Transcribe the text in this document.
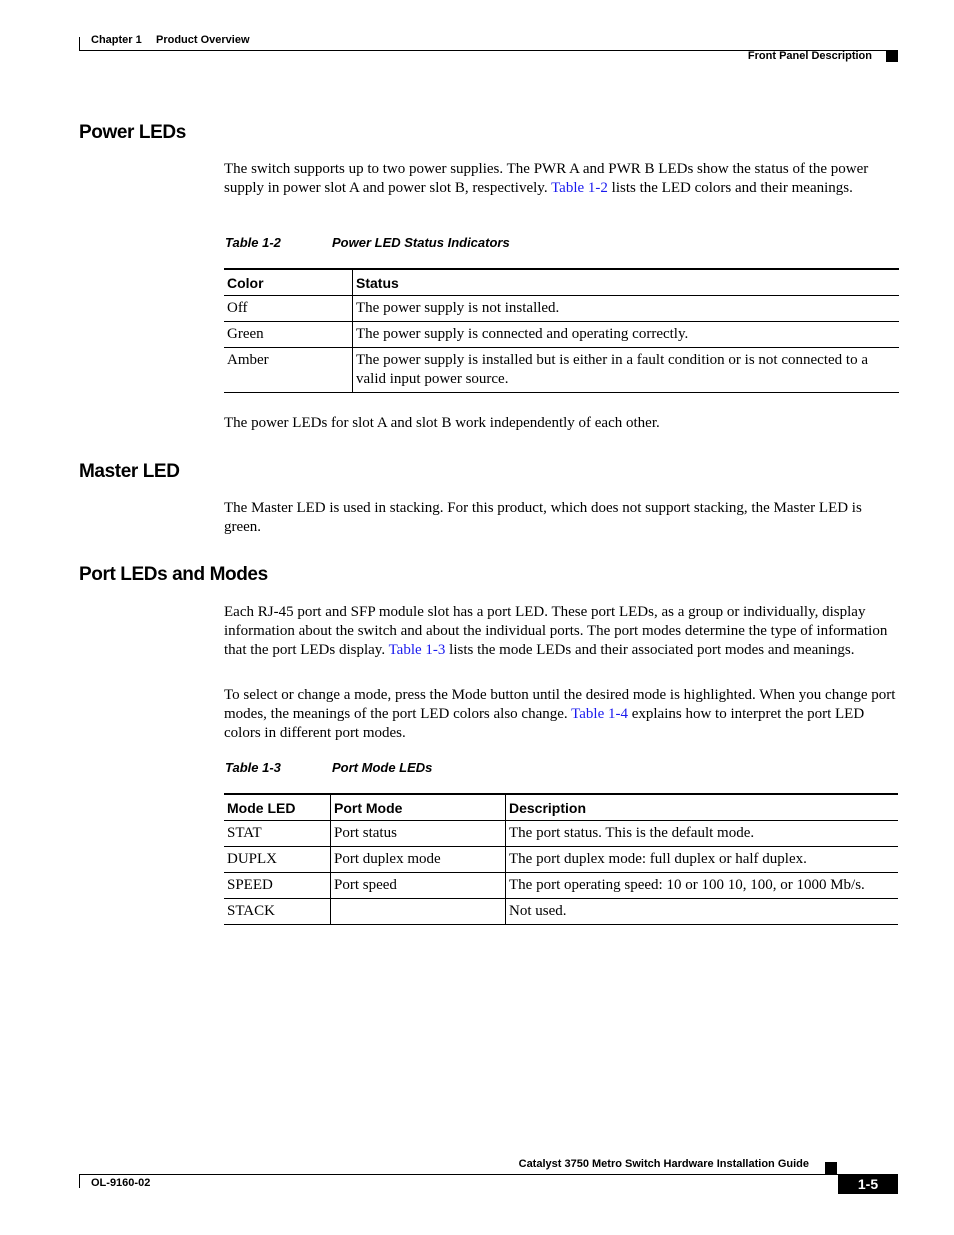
Chapter 1 Product Overview
Front Panel Description
Power LEDs

The switch supports up to two power supplies. The PWR A and PWR B LEDs show the status of the power supply in power slot A and power slot B, respectively. Table 1-2 lists the LED colors and their meanings.

Table 1-2	Power LED Status Indicators
Color	Status
Off	The power supply is not installed.
Green	The power supply is connected and operating correctly.
Amber	The power supply is installed but is either in a fault condition or is not connected to a valid input power source.

The power LEDs for slot A and slot B work independently of each other.

Master LED

The Master LED is used in stacking. For this product, which does not support stacking, the Master LED is green.

Port LEDs and Modes

Each RJ-45 port and SFP module slot has a port LED. These port LEDs, as a group or individually, display information about the switch and about the individual ports. The port modes determine the type of information that the port LEDs display. Table 1-3 lists the mode LEDs and their associated port modes and meanings.

To select or change a mode, press the Mode button until the desired mode is highlighted. When you change port modes, the meanings of the port LED colors also change. Table 1-4 explains how to interpret the port LED colors in different port modes.

Table 1-3	Port Mode LEDs
Mode LED	Port Mode	Description
STAT	Port status	The port status. This is the default mode.
DUPLX	Port duplex mode	The port duplex mode: full duplex or half duplex.
SPEED	Port speed	The port operating speed: 10 or 100 10, 100, or 1000 Mb/s.
STACK		Not used.
Catalyst 3750 Metro Switch Hardware Installation Guide
OL-9160-02	1-5
